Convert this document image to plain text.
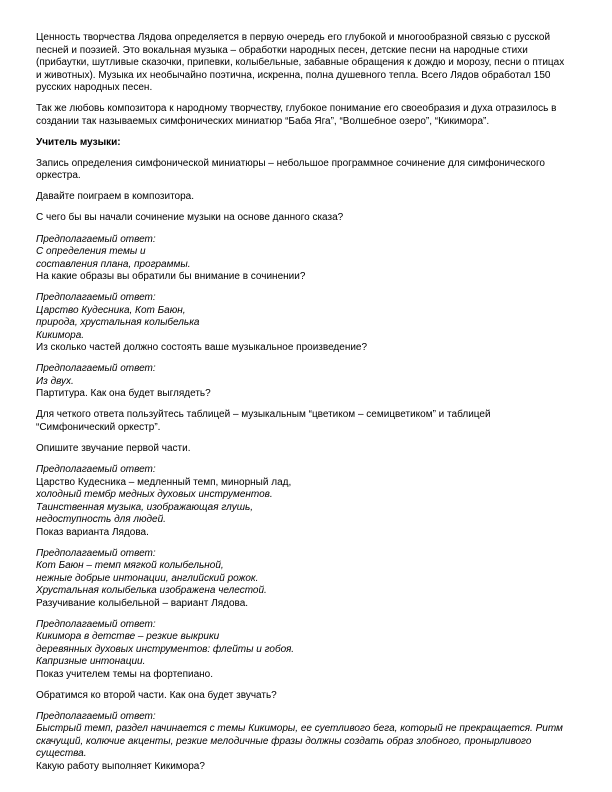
Ценность творчества Лядова определяется в первую очередь его глубокой и многообразной связью с русской
песней и поэзией. Это вокальная музыка – обработки народных песен, детские песни на народные стихи
(прибаутки, шутливые сказочки, припевки, колыбельные, забавные обращения к дождю и морозу, песни о птицах
и животных). Музыка их необычайно поэтична, искренна, полна душевного тепла. Всего Лядов обработал 150
русских народных песен.

Так же любовь композитора к народному творчеству, глубокое понимание его своеобразия и духа отразилось в
создании так называемых симфонических миниатюр “Баба Яга”, “Волшебное озеро”, “Кикимора”.

Учитель музыки:

Запись определения симфонической миниатюры – небольшое программное сочинение для симфонического
оркестра.

Давайте поиграем в композитора.

С чего бы вы начали сочинение музыки на основе данного сказа?

Предполагаемый ответ:
С определения темы и
составления плана, программы.
На какие образы вы обратили бы внимание в сочинении?

Предполагаемый ответ:
Царство Кудесника, Кот Баюн,
природа, хрустальная колыбелька
Кикимора.
Из сколько частей должно состоять ваше музыкальное произведение?

Предполагаемый ответ:
Из двух.
Партитура. Как она будет выглядеть?

Для четкого ответа пользуйтесь таблицей – музыкальным “цветиком – семицветиком” и таблицей
“Симфонический оркестр”.

Опишите звучание первой части.

Предполагаемый ответ:
Царство Кудесника – медленный темп, минорный лад,
холодный тембр медных духовых инструментов.
Таинственная музыка, изображающая глушь,
недоступность для людей.
Показ варианта Лядова.

Предполагаемый ответ:
Кот Баюн – темп мягкой колыбельной,
нежные добрые интонации, английский рожок.
Хрустальная колыбелька изображена челестой.
Разучивание колыбельной – вариант Лядова.

Предполагаемый ответ:
Кикимора в детстве – резкие выкрики
деревянных духовых инструментов: флейты и гобоя.
Капризные интонации.
Показ учителем темы на фортепиано.

Обратимся ко второй части. Как она будет звучать?

Предполагаемый ответ:
Быстрый темп, раздел начинается с темы Кикиморы, ее суетливого бега, который не прекращается. Ритм
скачущий, колючие акценты, резкие мелодичные фразы должны создать образ злобного, пронырливого
существа.
Какую работу выполняет Кикимора?
